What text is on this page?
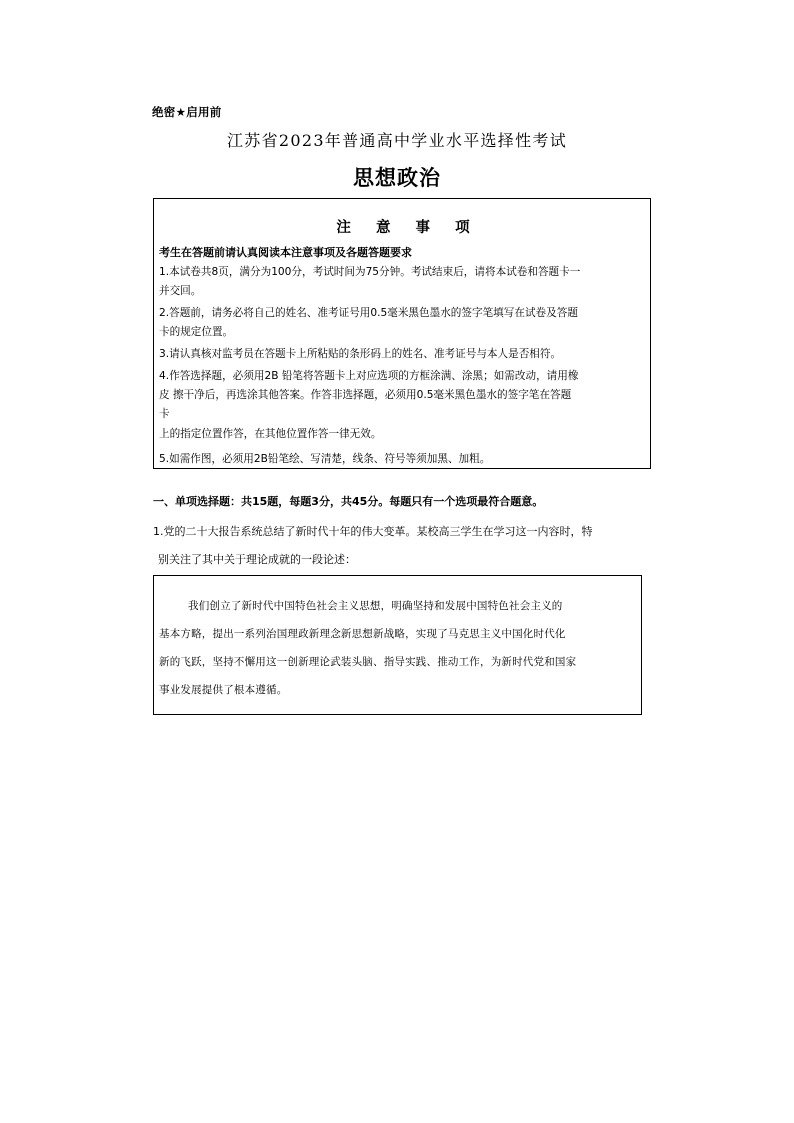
绝密★启用前
江苏省2023年普通高中学业水平选择性考试
思想政治
注 意 事 项
考生在答题前请认真阅读本注意事项及各题答题要求
1.本试卷共8页，满分为100分，考试时间为75分钟。考试结束后，请将本试卷和答题卡一
并交回。
2.答题前，请务必将自己的姓名、准考证号用0.5毫米黑色墨水的签字笔填写在试卷及答题
卡的规定位置。
3.请认真核对监考员在答题卡上所粘贴的条形码上的姓名、准考证号与本人是否相符。
4.作答选择题，必须用2B 铅笔将答题卡上对应选项的方框涂满、涂黑；如需改动，请用橡
皮 擦干净后，再选涂其他答案。作答非选择题，必须用0.5毫米黑色墨水的签字笔在答题
卡
上的指定位置作答，在其他位置作答一律无效。
5.如需作图，必须用2B铅笔绘、写清楚，线条、符号等须加黑、加粗。
一、单项选择题：共15题，每题3分，共45分。每题只有一个选项最符合题意。
1.党的二十大报告系统总结了新时代十年的伟大变革。某校高三学生在学习这一内容时，特
别关注了其中关于理论成就的一段论述：
我们创立了新时代中国特色社会主义思想，明确坚持和发展中国特色社会主义的
基本方略，提出一系列治国理政新理念新思想新战略，实现了马克思主义中国化时代化
新的飞跃，坚持不懈用这一创新理论武装头脑、指导实践、推动工作，为新时代党和国家
事业发展提供了根本遵循。
